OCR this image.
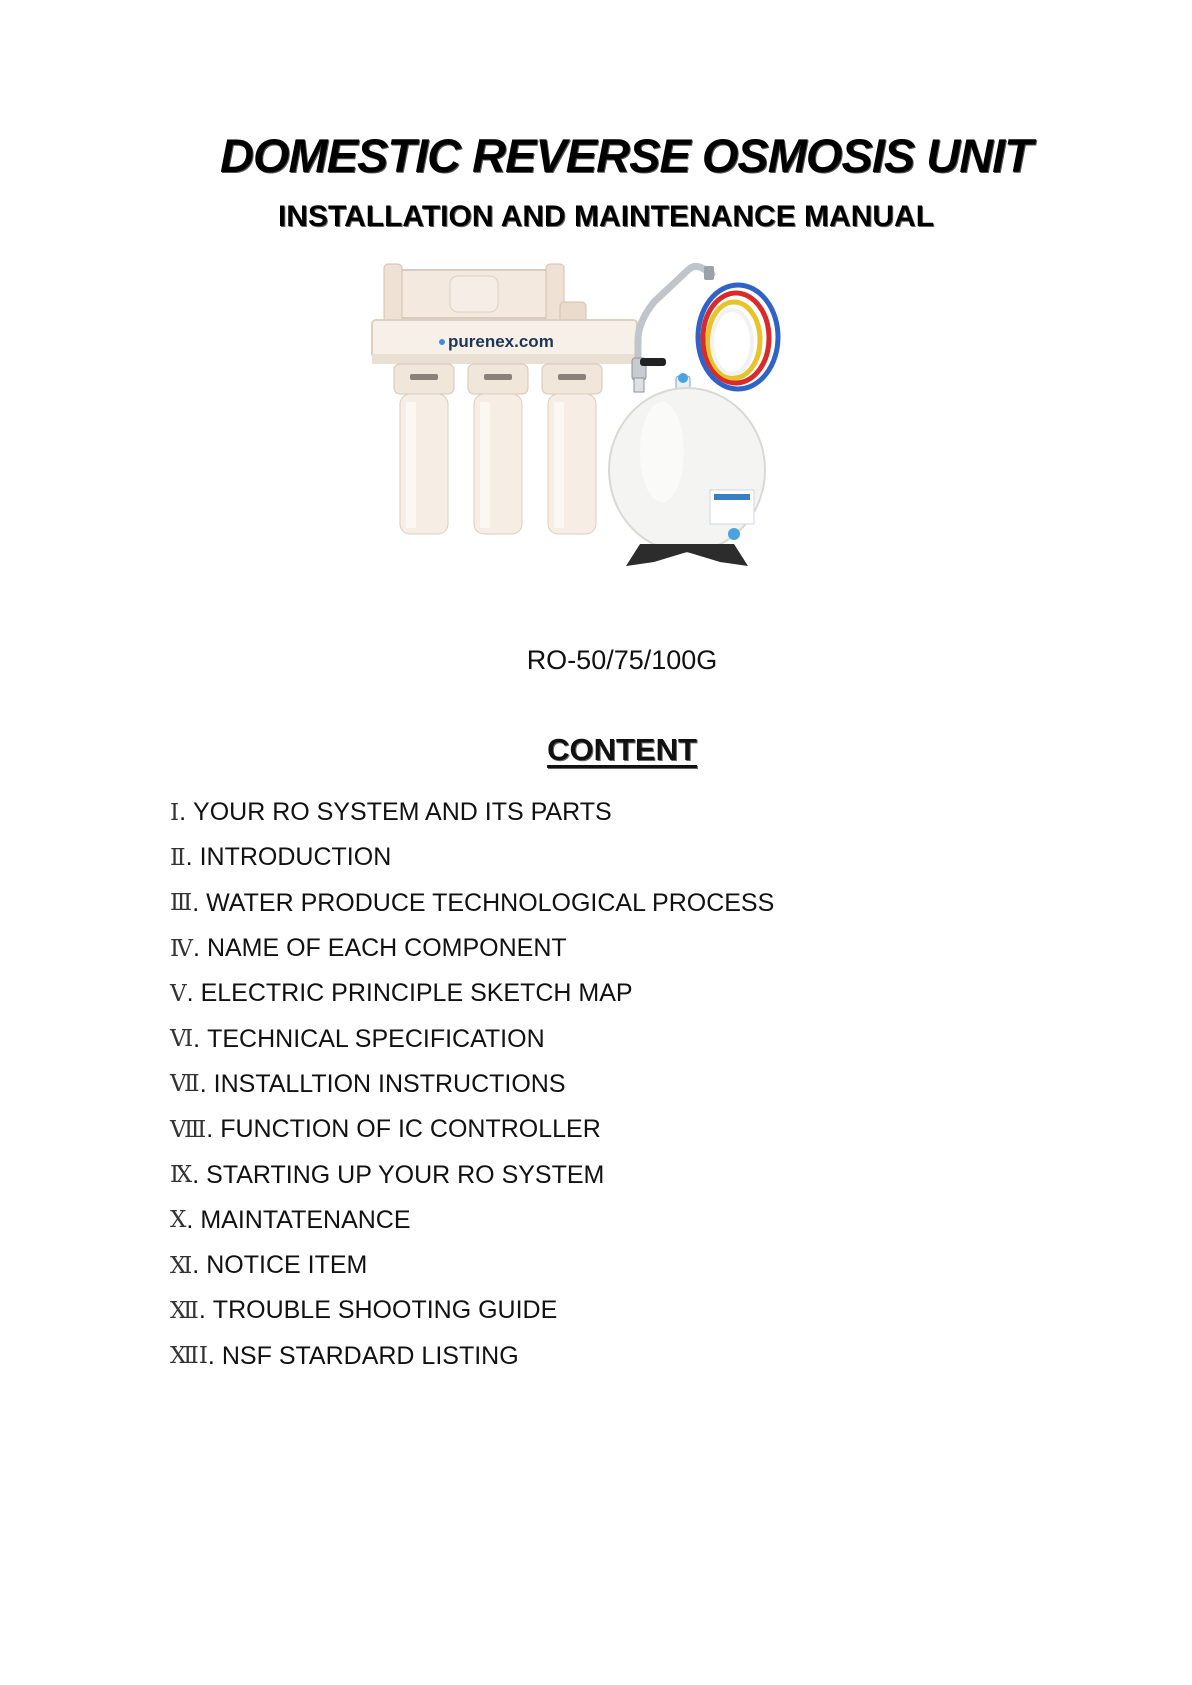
DOMESTIC REVERSE OSMOSIS UNIT
INSTALLATION AND MAINTENANCE MANUAL
purenex.com
RO-50/75/100G
CONTENT
Ⅰ . YOUR RO SYSTEM AND ITS PARTS
Ⅱ . INTRODUCTION
Ⅲ . WATER PRODUCE TECHNOLOGICAL PROCESS
Ⅳ . NAME OF EACH COMPONENT
Ⅴ . ELECTRIC PRINCIPLE SKETCH MAP
Ⅵ . TECHNICAL SPECIFICATION
Ⅶ . INSTALLTION INSTRUCTIONS
Ⅷ . FUNCTION OF IC CONTROLLER
Ⅸ . STARTING UP YOUR RO SYSTEM
Ⅹ . MAINTATENANCE
Ⅺ . NOTICE ITEM
Ⅻ . TROUBLE SHOOTING GUIDE
ⅫⅠ . NSF STARDARD LISTING
